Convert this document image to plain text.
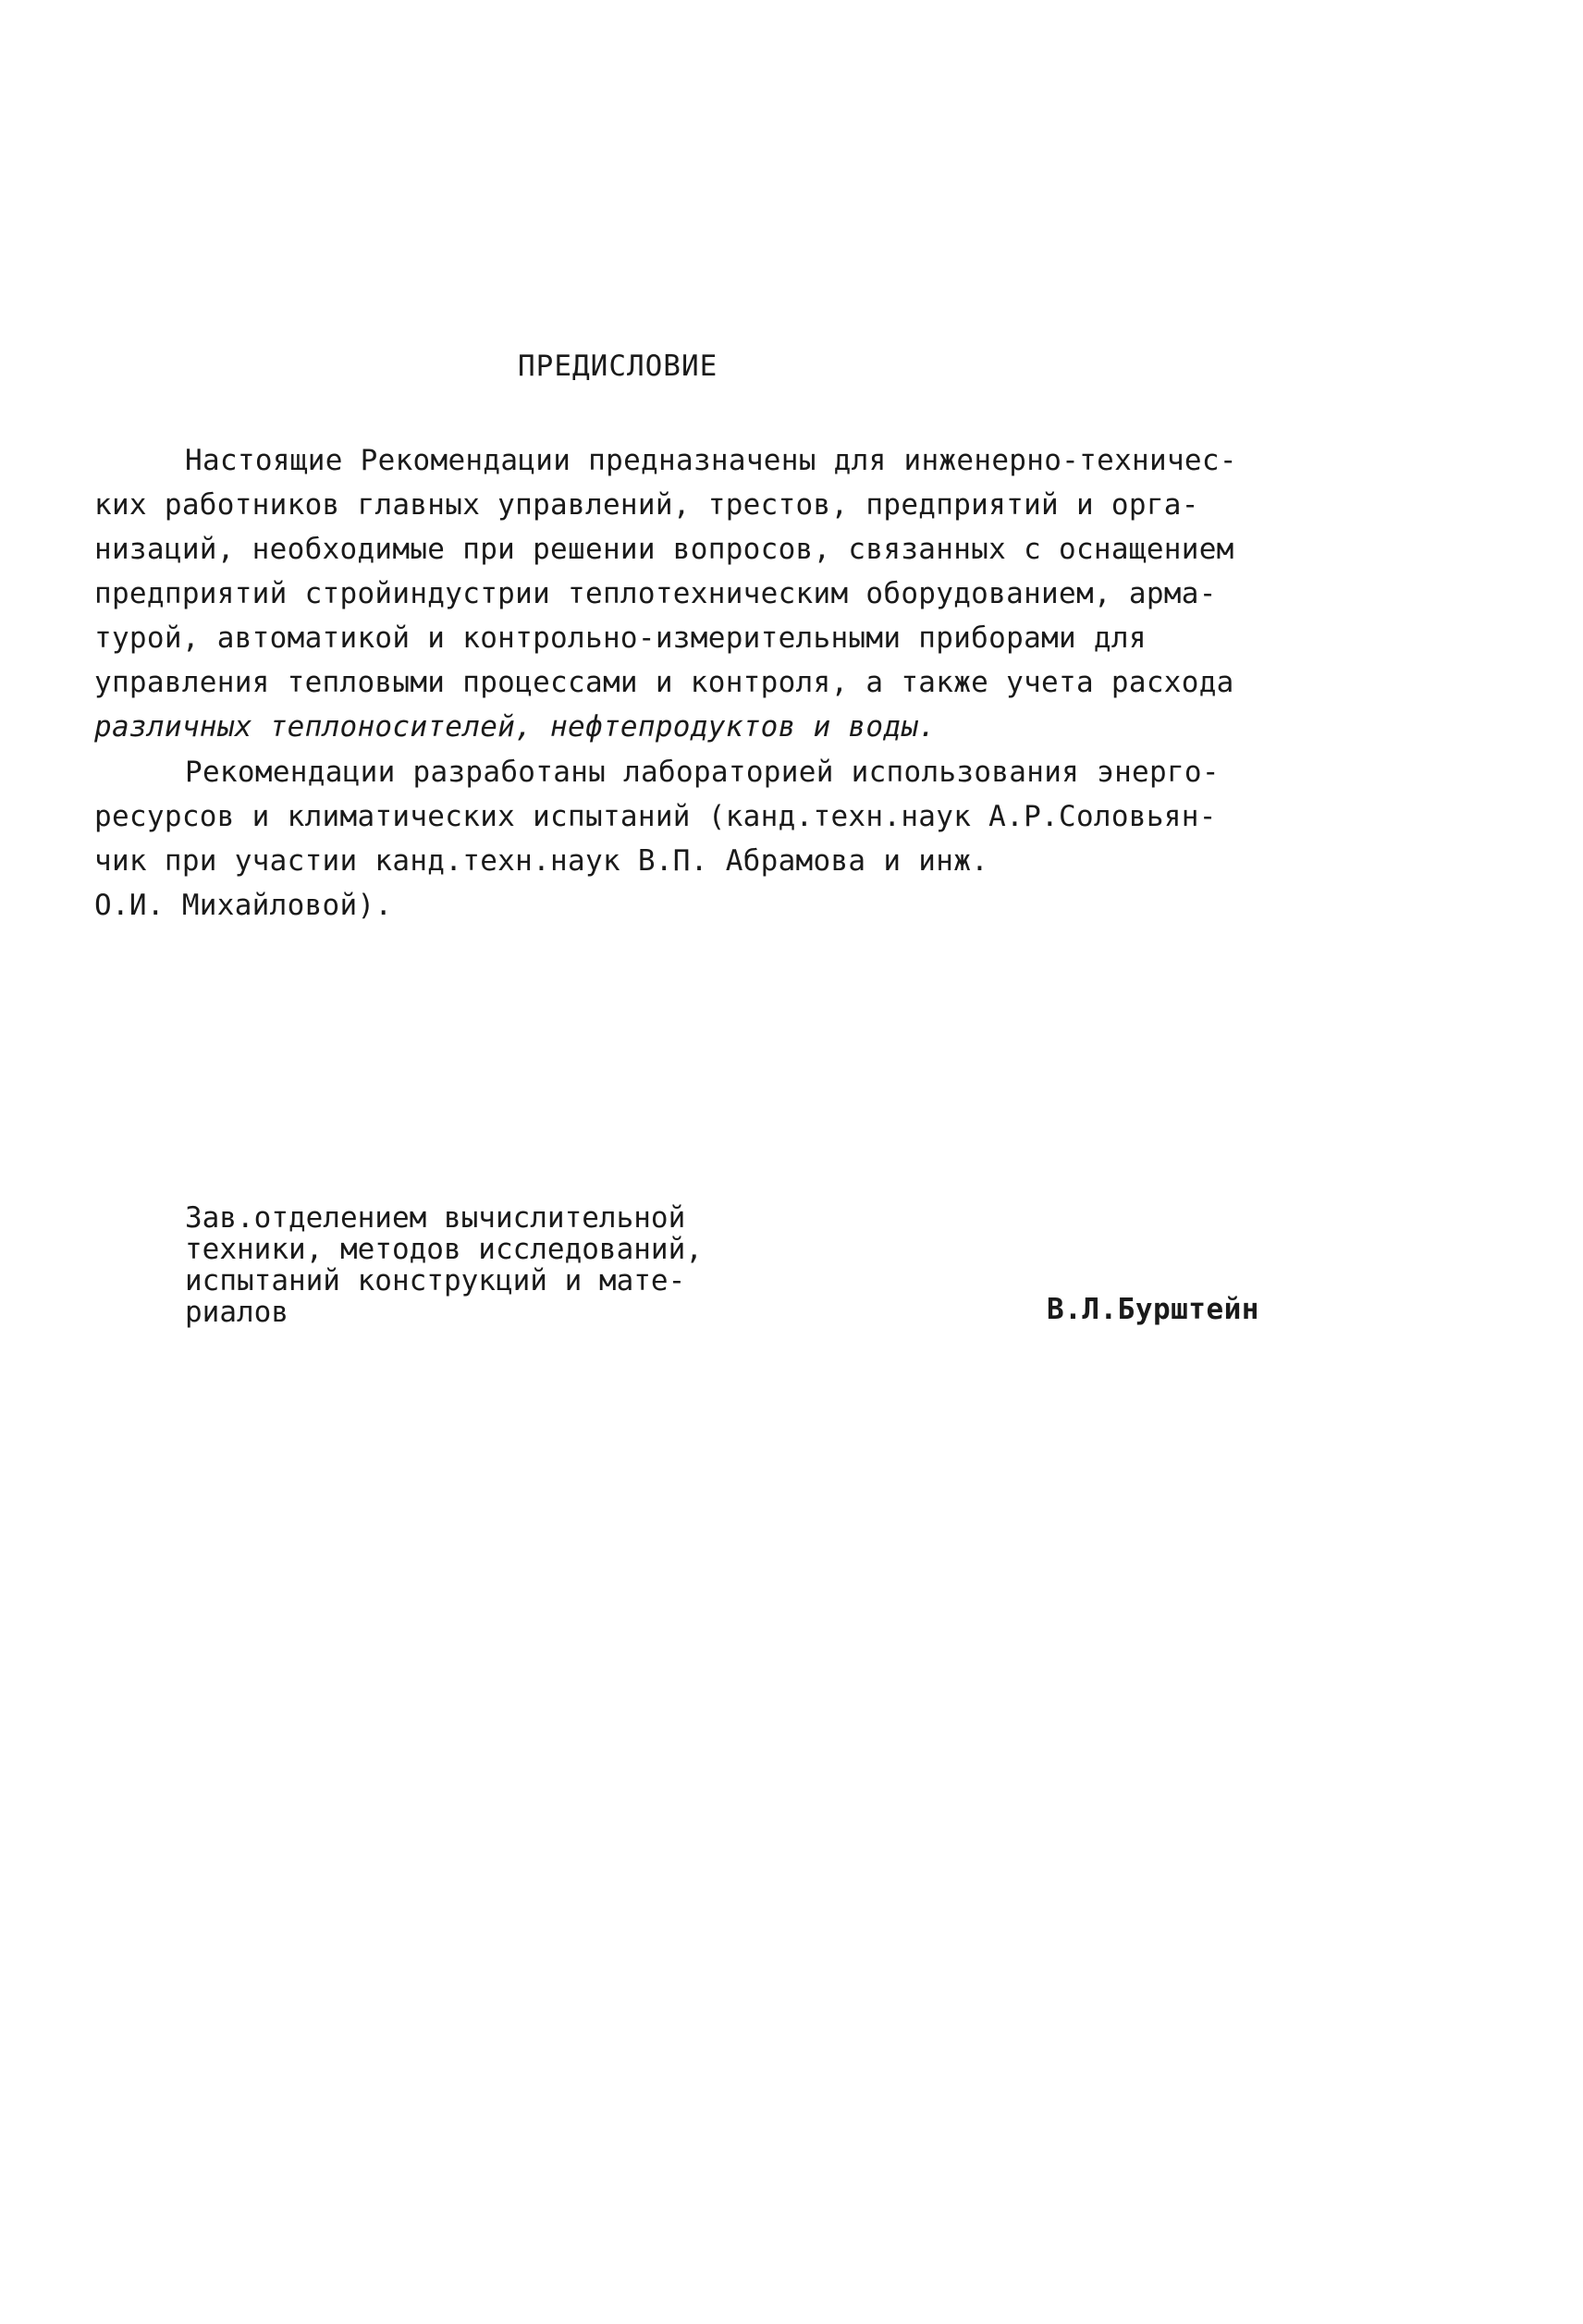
ПРЕДИСЛОВИЕ

Настоящие Рекомендации предназначены для инженерно-техничес-

ких работников главных управлений, трестов, предприятий и орга-

низаций, необходимые при решении вопросов, связанных с оснащением

предприятий стройиндустрии теплотехническим оборудованием, арма-

турой, автоматикой и контрольно-измерительными приборами для

управления тепловыми процессами и контроля, а также учета расхода

различных теплоносителей, нефтепродуктов и воды.

Рекомендации разработаны лабораторией использования энерго-

ресурсов и климатических испытаний (канд.техн.наук А.Р.Соловьян-

чик при участии канд.техн.наук В.П. Абрамова и инж.

О.И. Михайловой).

Зав.отделением вычислительной

техники, методов исследований,

испытаний конструкций и мате-

риалов	В.Л.Бурштейн
